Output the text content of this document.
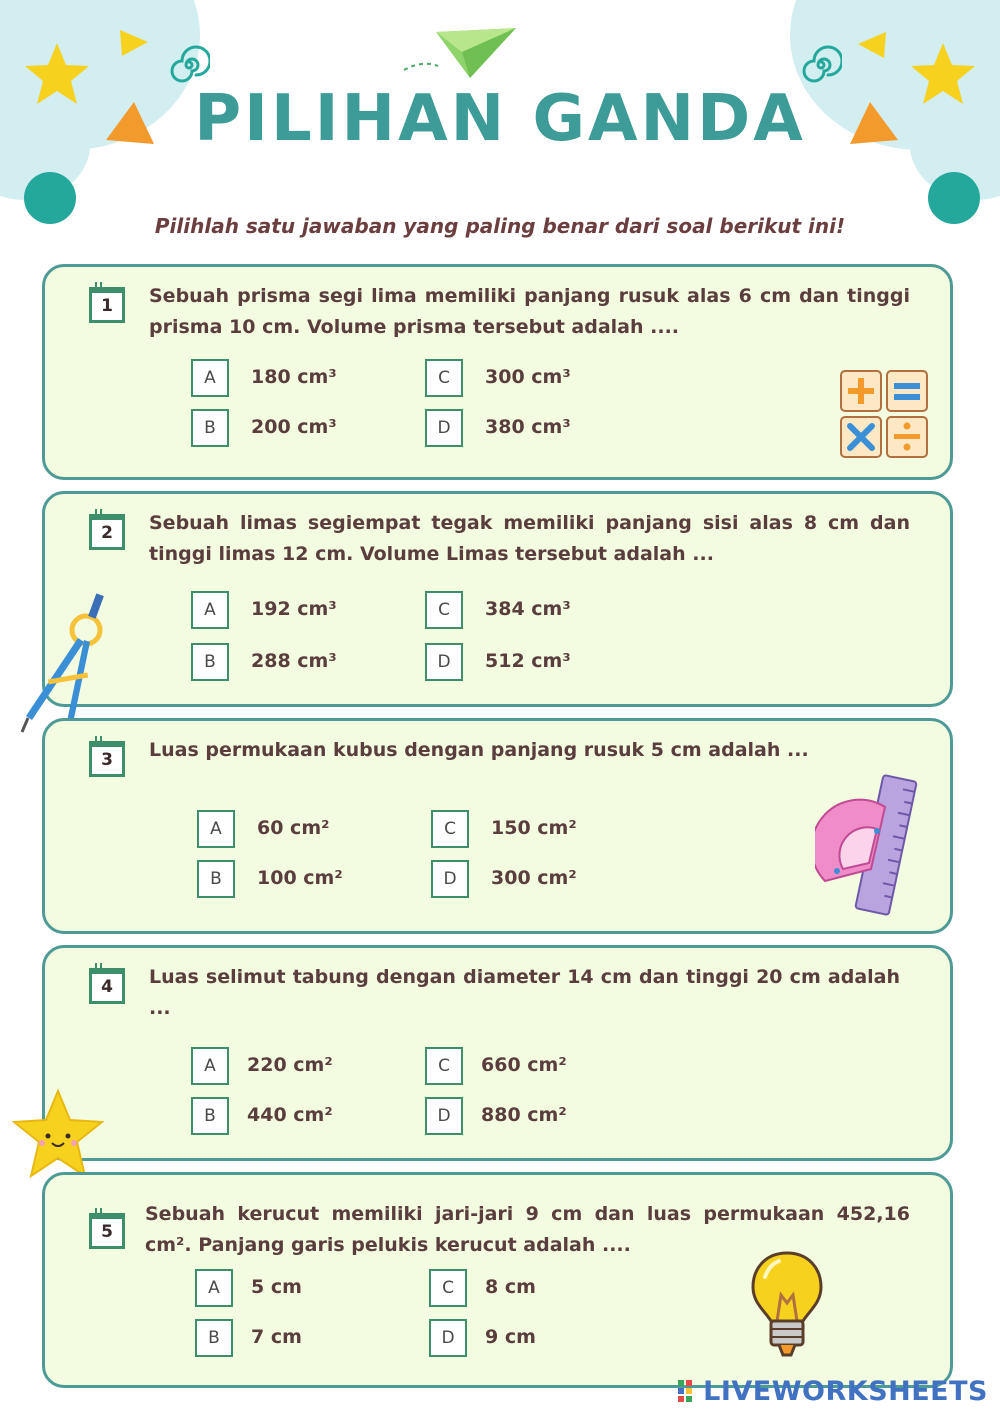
PILIHAN GANDA
Pilihlah satu jawaban yang paling benar dari soal berikut ini!
1	Sebuah prisma segi lima memiliki panjang rusuk alas 6 cm dan tinggi prisma 10 cm. Volume prisma tersebut adalah ....
A	180 cm³
B	200 cm³
C	300 cm³
D	380 cm³
2	Sebuah limas segiempat tegak memiliki panjang sisi alas 8 cm dan tinggi limas 12 cm. Volume Limas tersebut adalah ...
A	192 cm³
B	288 cm³
C	384 cm³
D	512 cm³
3	Luas permukaan kubus dengan panjang rusuk 5 cm adalah ...
A	60 cm²
B	100 cm²
C	150 cm²
D	300 cm²
4	Luas selimut tabung dengan diameter 14 cm dan tinggi 20 cm adalah ...
A	220 cm²
B	440 cm²
C	660 cm²
D	880 cm²
5
Sebuah kerucut memiliki jari-jari 9 cm dan luas permukaan 452,16 cm². Panjang garis pelukis kerucut adalah ....
A	5 cm
B	7 cm
C	8 cm
D	9 cm
LIVEWORKSHEETS
